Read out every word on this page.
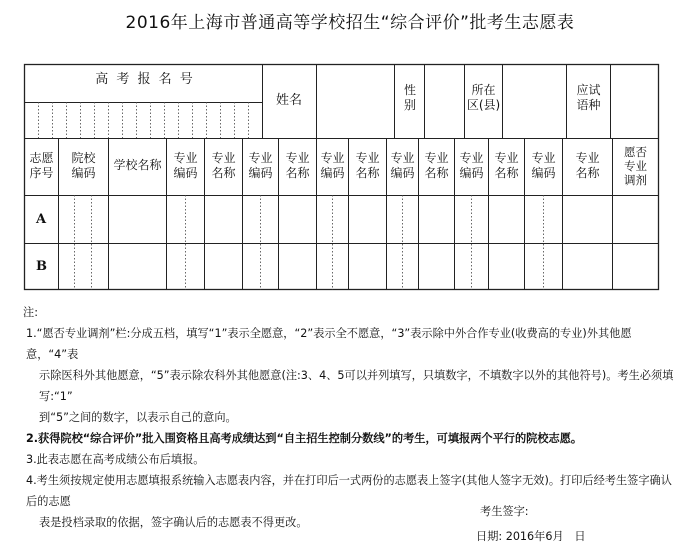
2016年上海市普通高等学校招生“综合评价”批考生志愿表
高 考 报 名 号
姓名
性
别
所在
区(县)
应试
语种
志愿
序号
院校
编码
学校名称 专业
编码
专业
名称
专业
编码
专业
名称
专业
编码
专业
名称
专业
编码
专业
名称
专业
编码
专业
名称
专业
编码
专业
名称
愿否
专业
调剂
A
B

注:

1.“愿否专业调剂”栏:分成五档，填写“1”表示全愿意，“2”表示全不愿意，“3”表示除中外合作专业(收费高的专业)外其他愿意，“4”表

示除医科外其他愿意，“5”表示除农科外其他愿意(注:3、4、5可以并列填写，只填数字，不填数字以外的其他符号)。考生必须填写:“1”

到“5”之间的数字，以表示自己的意向。

2.获得院校“综合评价”批入围资格且高考成绩达到“自主招生控制分数线”的考生，可填报两个平行的院校志愿。

3.此表志愿在高考成绩公布后填报。

4.考生须按规定使用志愿填报系统输入志愿表内容，并在打印后一式两份的志愿表上签字(其他人签字无效)。打印后经考生签字确认后的志愿

表是投档录取的依据，签字确认后的志愿表不得更改。

考生签字:
日期: 2016年6月   日
